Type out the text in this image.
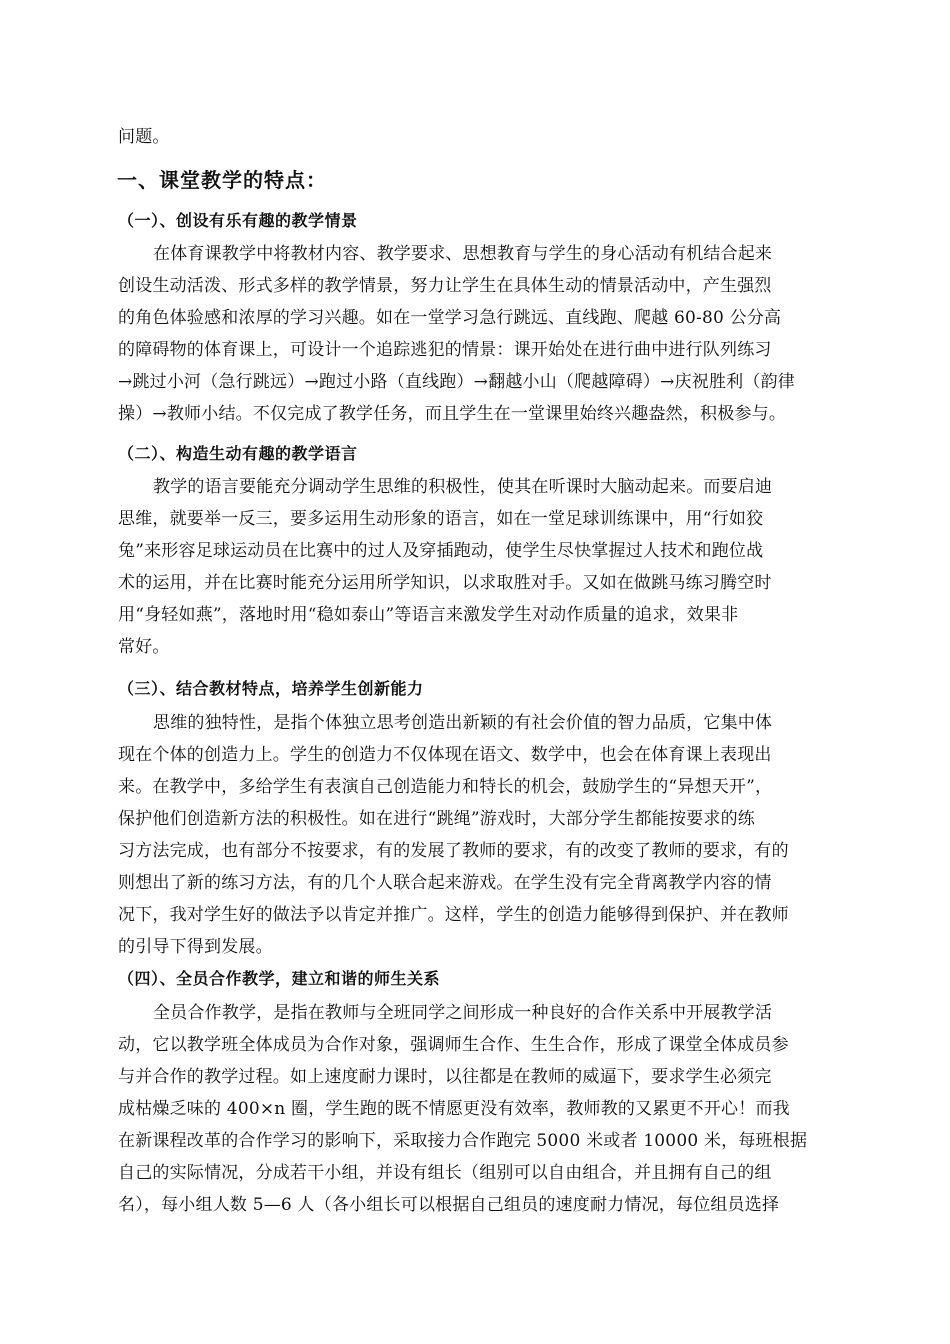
问题。
一、课堂教学的特点：
（一）、创设有乐有趣的教学情景
在体育课教学中将教材内容、教学要求、思想教育与学生的身心活动有机结合起来
创设生动活泼、形式多样的教学情景，努力让学生在具体生动的情景活动中，产生强烈
的角色体验感和浓厚的学习兴趣。如在一堂学习急行跳远、直线跑、爬越 60-80 公分高
的障碍物的体育课上，可设计一个追踪逃犯的情景：课开始处在进行曲中进行队列练习
→跳过小河（急行跳远）→跑过小路（直线跑）→翻越小山（爬越障碍）→庆祝胜利（韵律
操）→教师小结。不仅完成了教学任务，而且学生在一堂课里始终兴趣盎然，积极参与。
（二）、构造生动有趣的教学语言
教学的语言要能充分调动学生思维的积极性，使其在听课时大脑动起来。而要启迪
思维，就要举一反三，要多运用生动形象的语言，如在一堂足球训练课中，用“行如狡
兔”来形容足球运动员在比赛中的过人及穿插跑动，使学生尽快掌握过人技术和跑位战
术的运用，并在比赛时能充分运用所学知识，以求取胜对手。又如在做跳马练习腾空时
用“身轻如燕”，落地时用“稳如泰山”等语言来激发学生对动作质量的追求，效果非
常好。
（三）、结合教材特点，培养学生创新能力
思维的独特性，是指个体独立思考创造出新颖的有社会价值的智力品质，它集中体
现在个体的创造力上。学生的创造力不仅体现在语文、数学中，也会在体育课上表现出
来。在教学中，多给学生有表演自己创造能力和特长的机会，鼓励学生的“异想天开”，
保护他们创造新方法的积极性。如在进行“跳绳”游戏时，大部分学生都能按要求的练
习方法完成，也有部分不按要求，有的发展了教师的要求，有的改变了教师的要求，有的
则想出了新的练习方法，有的几个人联合起来游戏。在学生没有完全背离教学内容的情
况下，我对学生好的做法予以肯定并推广。这样，学生的创造力能够得到保护、并在教师
的引导下得到发展。
（四）、全员合作教学，建立和谐的师生关系
全员合作教学，是指在教师与全班同学之间形成一种良好的合作关系中开展教学活
动，它以教学班全体成员为合作对象，强调师生合作、生生合作，形成了课堂全体成员参
与并合作的教学过程。如上速度耐力课时，以往都是在教师的威逼下，要求学生必须完
成枯燥乏味的 400×n 圈，学生跑的既不情愿更没有效率，教师教的又累更不开心！而我
在新课程改革的合作学习的影响下，采取接力合作跑完 5000 米或者 10000 米，每班根据
自己的实际情况，分成若干小组，并设有组长（组别可以自由组合，并且拥有自己的组
名），每小组人数 5—6 人（各小组长可以根据自己组员的速度耐力情况，每位组员选择
